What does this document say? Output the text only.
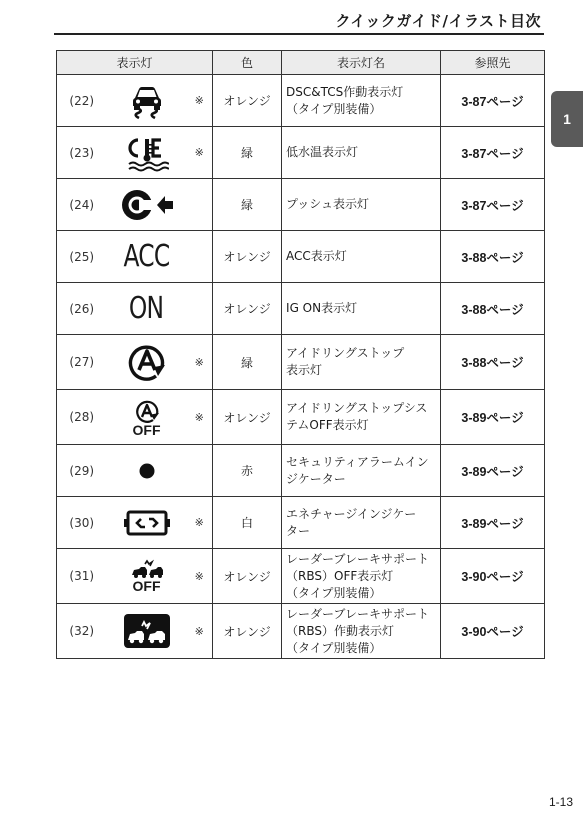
クイックガイド/イラスト目次
1
表示灯			色	表示灯名	参照先
(22)		※	オレンジ	DSC&TCS作動表示灯
（タイプ別装備）	3-87ページ
(23)		※	緑	低水温表示灯	3-87ページ
(24)			緑	プッシュ表示灯	3-87ページ
(25)	ACC		オレンジ	ACC表示灯	3-88ページ
(26)	ON		オレンジ	IG ON表示灯	3-88ページ
(27)		※	緑	アイドリングストップ
表示灯	3-88ページ
(28)	OFF	※	オレンジ	アイドリングストップシス
テムOFF表示灯	3-89ページ
(29)			赤	セキュリティアラームイン
ジケーター	3-89ページ
(30)		※	白	エネチャージインジケー
ター	3-89ページ
(31)	OFF	※	オレンジ	レーダーブレーキサポート
（RBS）OFF表示灯
（タイプ別装備）	3-90ページ
(32)		※	オレンジ	レーダーブレーキサポート
（RBS）作動表示灯
（タイプ別装備）	3-90ページ
1-13
